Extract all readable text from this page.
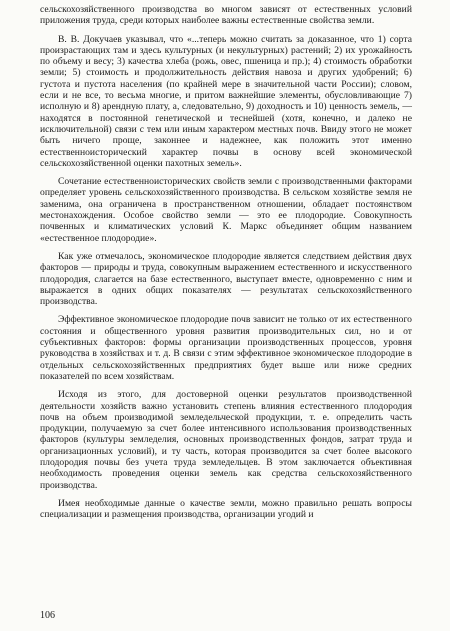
сельскохозяйственного производства во многом зависят от естественных условий приложения труда, среди которых наиболее важны естественные свойства земли.

В. В. Докучаев указывал, что «...теперь можно считать за доказанное, что 1) сорта произрастающих там и здесь культурных (и некультурных) растений; 2) их урожайность по объему и весу; 3) качества хлеба (рожь, овес, пшеница и пр.); 4) стоимость обработки земли; 5) стоимость и продолжительность действия навоза и других удобрений; 6) густота и пустота населения (по крайней мере в значительной части России); словом, если и не все, то весьма многие, и притом важнейшие элементы, обусловливающие 7) исполную и 8) арендную плату, а, следовательно, 9) доходность и 10) ценность земель, — находятся в постоянной генетической и теснейшей (хотя, конечно, и далеко не исключительной) связи с тем или иным характером местных почв. Ввиду этого не может быть ничего проще, законнее и надежнее, как положить этот именно естественноисторический характер почвы в основу всей экономической сельскохозяйственной оценки пахотных земель».

Сочетание естественноисторических свойств земли с производственными факторами определяет уровень сельскохозяйственного производства. В сельском хозяйстве земля не заменима, она ограничена в пространственном отношении, обладает постоянством местонахождения. Особое свойство земли — это ее плодородие. Совокупность почвенных и климатических условий К. Маркс объединяет общим названием «естественное плодородие».

Как уже отмечалось, экономическое плодородие является следствием действия двух факторов — природы и труда, совокупным выражением естественного и искусственного плодородия, слагается на базе естественного, выступает вместе, одновременно с ним и выражается в одних общих показателях — результатах сельскохозяйственного производства.

Эффективное экономическое плодородие почв зависит не только от их естественного состояния и общественного уровня развития производительных сил, но и от субъективных факторов: формы организации производственных процессов, уровня руководства в хозяйствах и т. д. В связи с этим эффективное экономическое плодородие в отдельных сельскохозяйственных предприятиях будет выше или ниже средних показателей по всем хозяйствам.

Исходя из этого, для достоверной оценки результатов производственной деятельности хозяйств важно установить степень влияния естественного плодородия почв на объем производимой земледельческой продукции, т. е. определить часть продукции, получаемую за счет более интенсивного использования производственных факторов (культуры земледелия, основных производственных фондов, затрат труда и организационных условий), и ту часть, которая производится за счет более высокого плодородия почвы без учета труда земледельцев. В этом заключается объективная необходимость проведения оценки земель как средства сельскохозяйственного производства.

Имея необходимые данные о качестве земли, можно правильно решать вопросы специализации и размещения производства, организации угодий и

106
